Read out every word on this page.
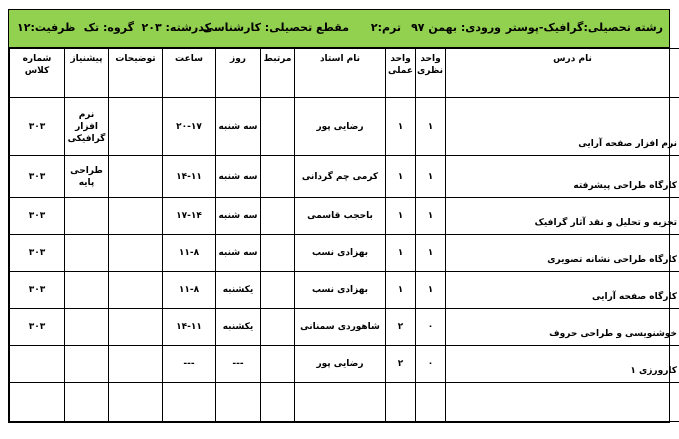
رشته تحصیلی:گرافیک-پوستر
ورودی: بهمن ۹۷
ترم:۲
مقطع تحصیلی: کارشناسی
کدرشته: ۲۰۳
گروه: تک
ظرفیت:۱۲
نام درس	واحد نظری	واحد عملی	نام استاد	مرتبط	روز	ساعت	توضیحات	پیشنیاز	شماره کلاس
نرم افزار صفحه آرایی	۱	۱	رضایی پور		سه شنبه	۲۰-۱۷		نرم افزار گرافیکی	۳۰۳
کارگاه طراحی پیشرفته	۱	۱	کرمی چم گردانی		سه شنبه	۱۴-۱۱		طراحی پایه	۳۰۳
تجزیه و تحلیل و نقد آثار گرافیک	۱	۱	باحجب قاسمی		سه شنبه	۱۷-۱۴			۳۰۳
کارگاه طراحی نشانه تصویری	۱	۱	بهزادی نسب		سه شنبه	۱۱-۸			۳۰۳
کارگاه صفحه آرایی	۱	۱	بهزادی نسب		یکشنبه	۱۱-۸			۳۰۳
خوشنویسی و طراحی حروف	۰	۲	شاهوردی سمنانی		یکشنبه	۱۴-۱۱			۳۰۳
کارورزی ۱	۰	۲	رضایی پور		---	---			
